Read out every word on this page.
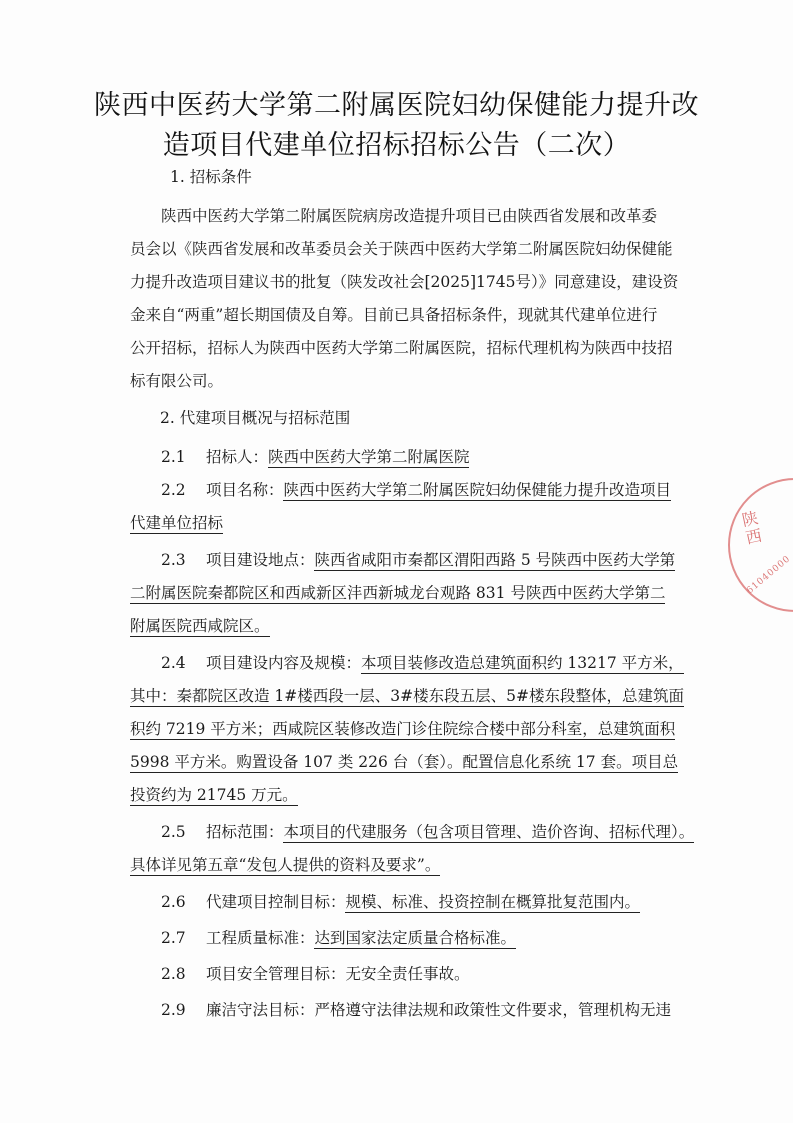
陕西中医药大学第二附属医院妇幼保健能力提升改
造项目代建单位招标招标公告（二次）
1. 招标条件
陕西中医药大学第二附属医院病房改造提升项目已由陕西省发展和改革委
员会以《陕西省发展和改革委员会关于陕西中医药大学第二附属医院妇幼保健能
力提升改造项目建议书的批复（陕发改社会[2025]1745号）》同意建设，建设资
金来自“两重”超长期国债及自筹。目前已具备招标条件，现就其代建单位进行
公开招标，招标人为陕西中医药大学第二附属医院，招标代理机构为陕西中技招
标有限公司。
2. 代建项目概况与招标范围
2.1 招标人：陕西中医药大学第二附属医院
2.2 项目名称：陕西中医药大学第二附属医院妇幼保健能力提升改造项目
代建单位招标
2.3 项目建设地点：陕西省咸阳市秦都区渭阳西路 5 号陕西中医药大学第
二附属医院秦都院区和西咸新区沣西新城龙台观路 831 号陕西中医药大学第二
附属医院西咸院区。
2.4 项目建设内容及规模：本项目装修改造总建筑面积约 13217 平方米，
其中：秦都院区改造 1#楼西段一层、3#楼东段五层、5#楼东段整体，总建筑面
积约 7219 平方米；西咸院区装修改造门诊住院综合楼中部分科室，总建筑面积
5998 平方米。购置设备 107 类 226 台（套）。配置信息化系统 17 套。项目总
投资约为 21745 万元。
2.5 招标范围：本项目的代建服务（包含项目管理、造价咨询、招标代理）。
具体详见第五章“发包人提供的资料及要求”。
2.6 代建项目控制目标：规模、标准、投资控制在概算批复范围内。
2.7 工程质量标准：达到国家法定质量合格标准。
2.8 项目安全管理目标：无安全责任事故。
2.9 廉洁守法目标：严格遵守法律法规和政策性文件要求，管理机构无违
陕西
61040000
